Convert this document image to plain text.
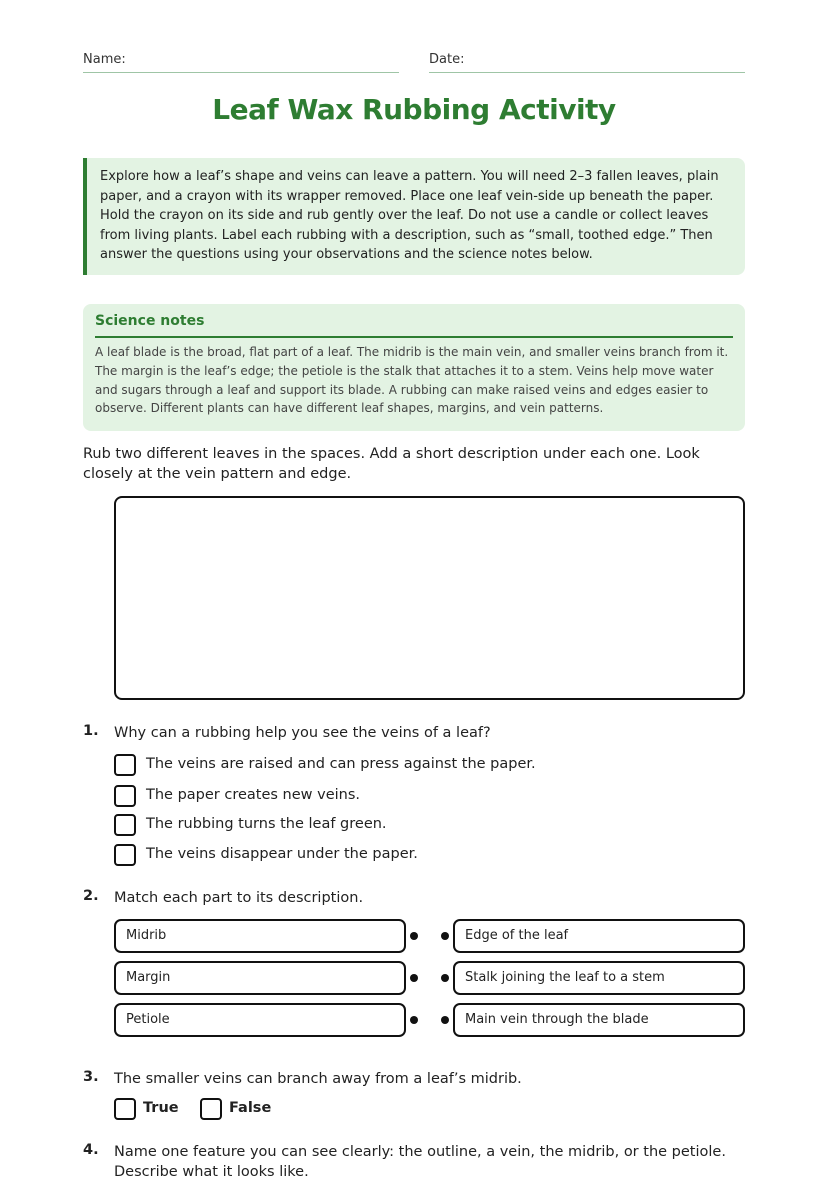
Name:	Date:
Leaf Wax Rubbing Activity
Explore how a leaf’s shape and veins can leave a pattern. You will need 2–3 fallen leaves, plain paper, and a crayon with its wrapper removed. Place one leaf vein-side up beneath the paper. Hold the crayon on its side and rub gently over the leaf. Do not use a candle or collect leaves from living plants. Label each rubbing with a description, such as “small, toothed edge.” Then answer the questions using your observations and the science notes below.
Science notes
A leaf blade is the broad, flat part of a leaf. The midrib is the main vein, and smaller veins branch from it. The margin is the leaf’s edge; the petiole is the stalk that attaches it to a stem. Veins help move water and sugars through a leaf and support its blade. A rubbing can make raised veins and edges easier to observe. Different plants can have different leaf shapes, margins, and vein patterns.
Rub two different leaves in the spaces. Add a short description under each one. Look closely at the vein pattern and edge.
1. Why can a rubbing help you see the veins of a leaf?
The veins are raised and can press against the paper.
The paper creates new veins.
The rubbing turns the leaf green.
The veins disappear under the paper.
2. Match each part to its description.
Midrib	Edge of the leaf
Margin	Stalk joining the leaf to a stem
Petiole	Main vein through the blade
3. The smaller veins can branch away from a leaf’s midrib.
True	False
4. Name one feature you can see clearly: the outline, a vein, the midrib, or the petiole. Describe what it looks like.
